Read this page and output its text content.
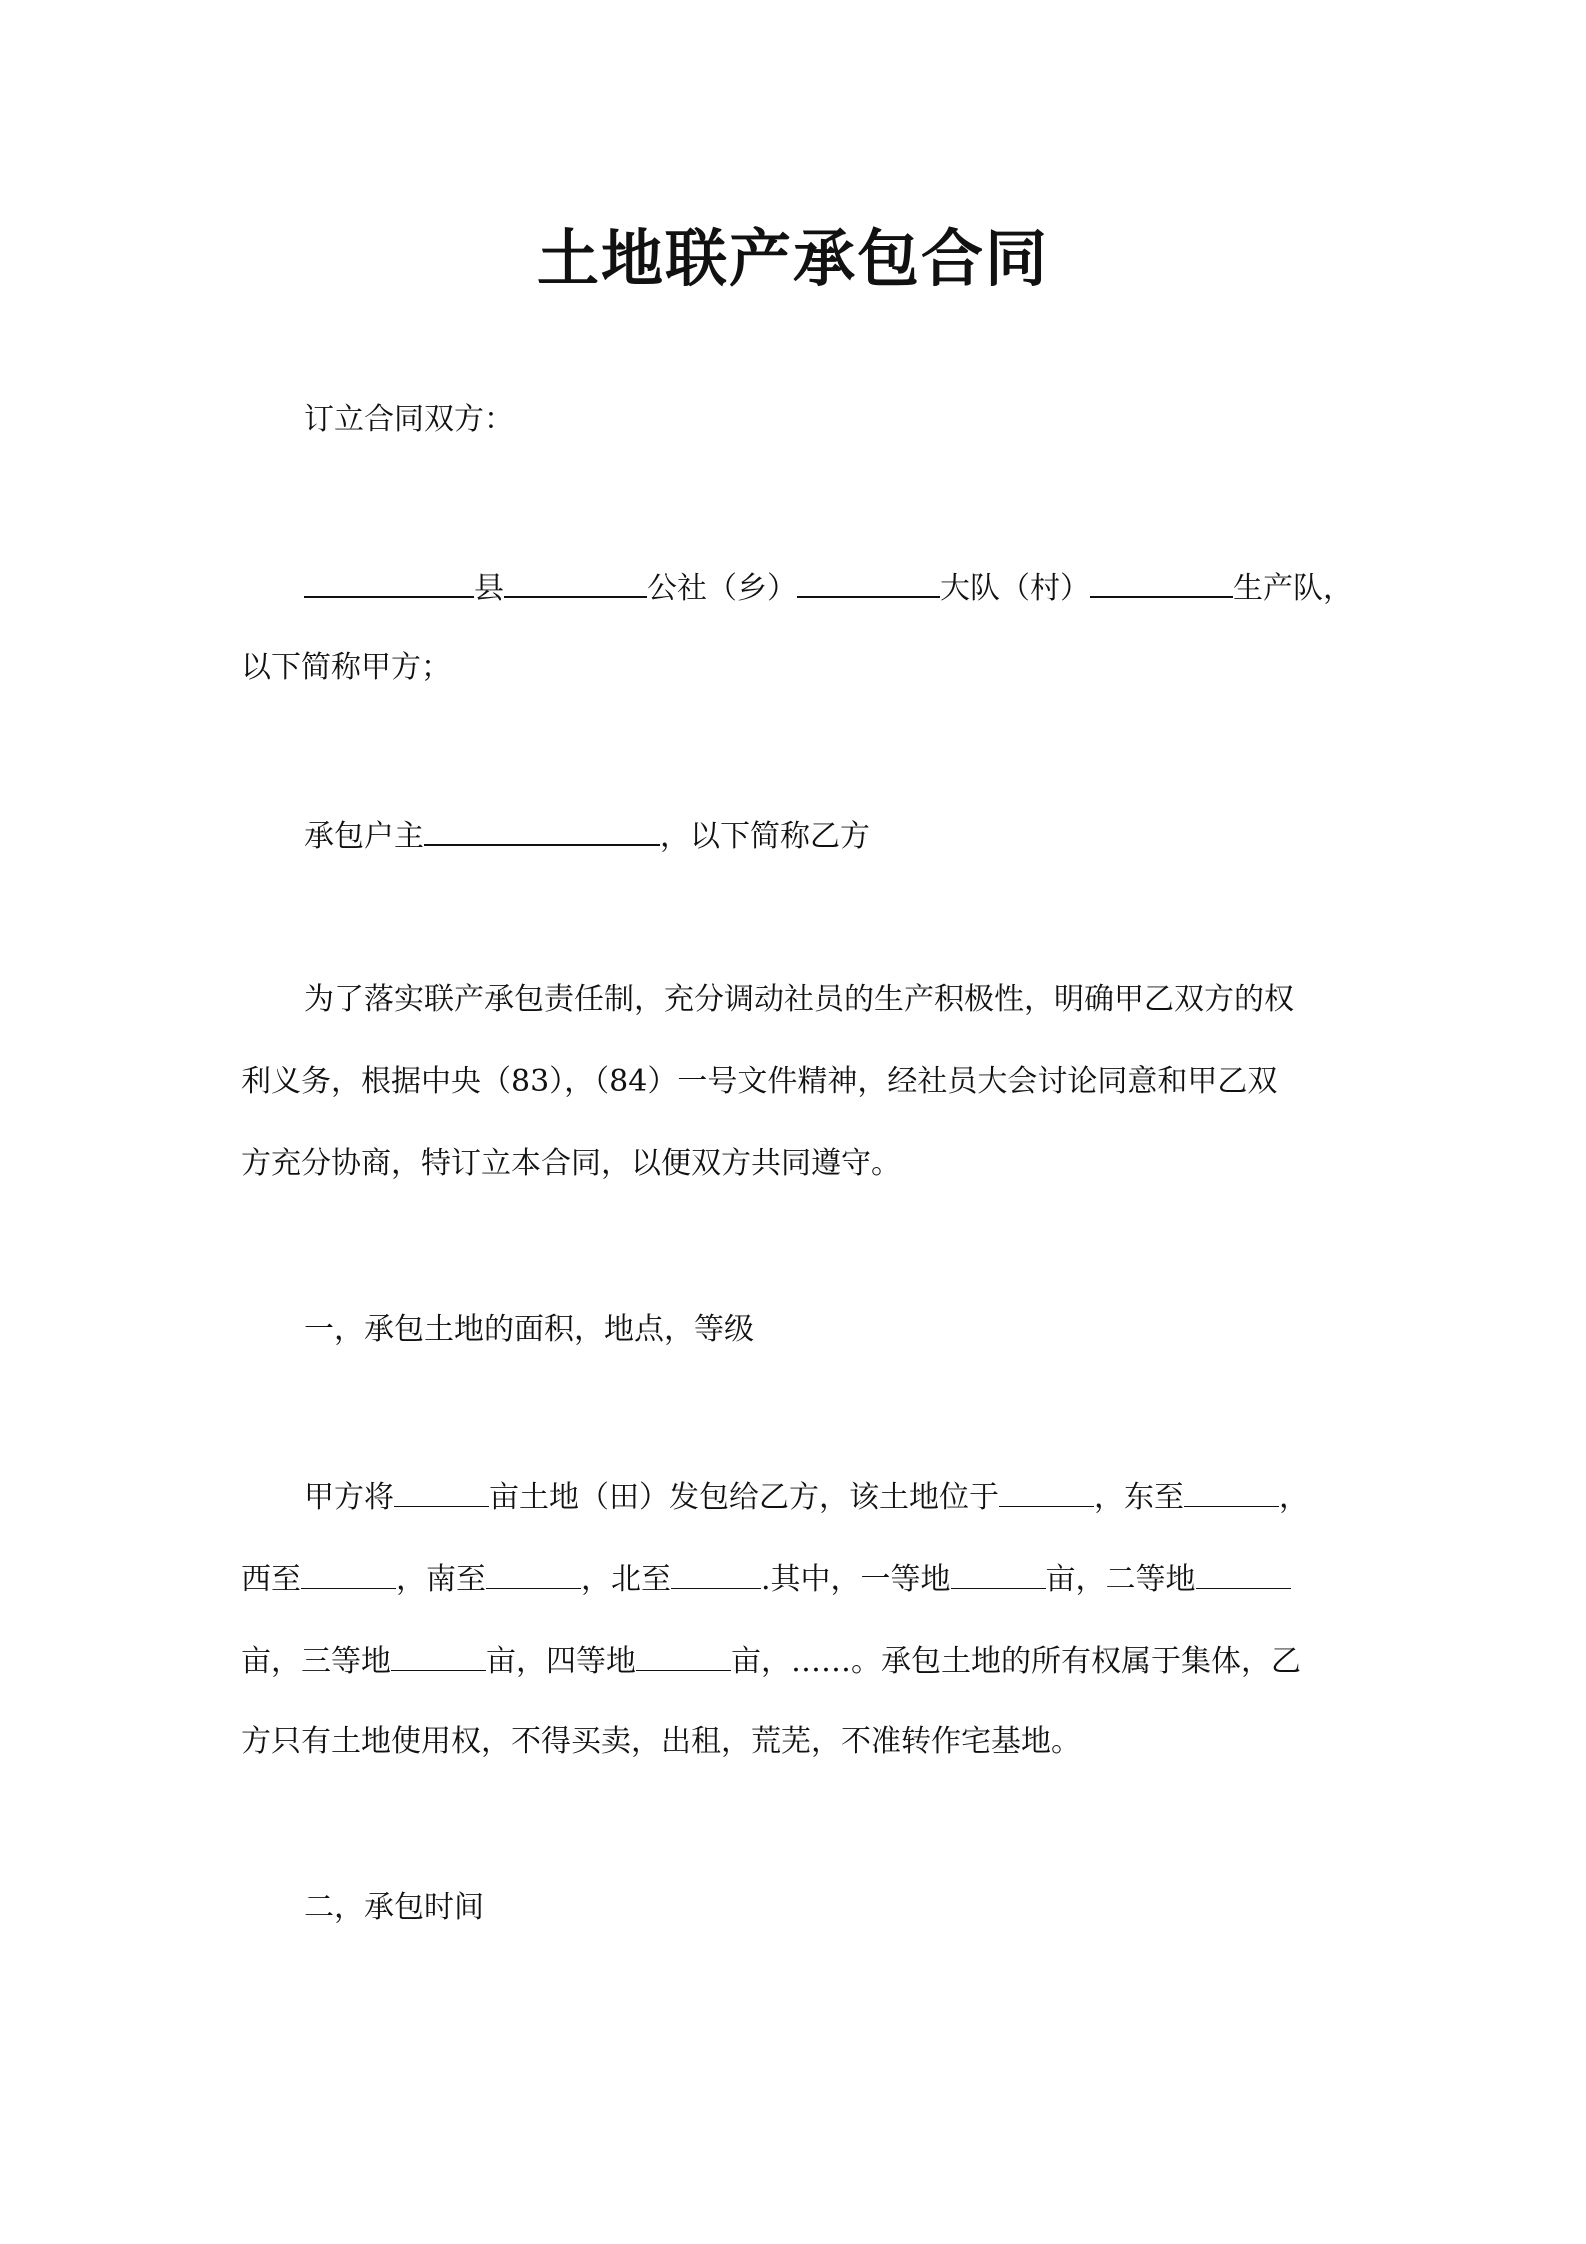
土地联产承包合同
订立合同双方：
县	公社（乡）	大队（村）	生产队，
以下简称甲方；
承包户主	，以下简称乙方
为了落实联产承包责任制，充分调动社员的生产积极性，明确甲乙双方的权
利义务，根据中央（83），（84）一号文件精神，经社员大会讨论同意和甲乙双
方充分协商，特订立本合同，以便双方共同遵守。
一，承包土地的面积，地点，等级
甲方将	亩土地（田）发包给乙方，该土地位于	，东至	，
西至	，南至	，北至	.其中，一等地	亩，二等地
亩，三等地	亩，四等地	亩，……。承包土地的所有权属于集体，乙
方只有土地使用权，不得买卖，出租，荒芜，不准转作宅基地。
二，承包时间
